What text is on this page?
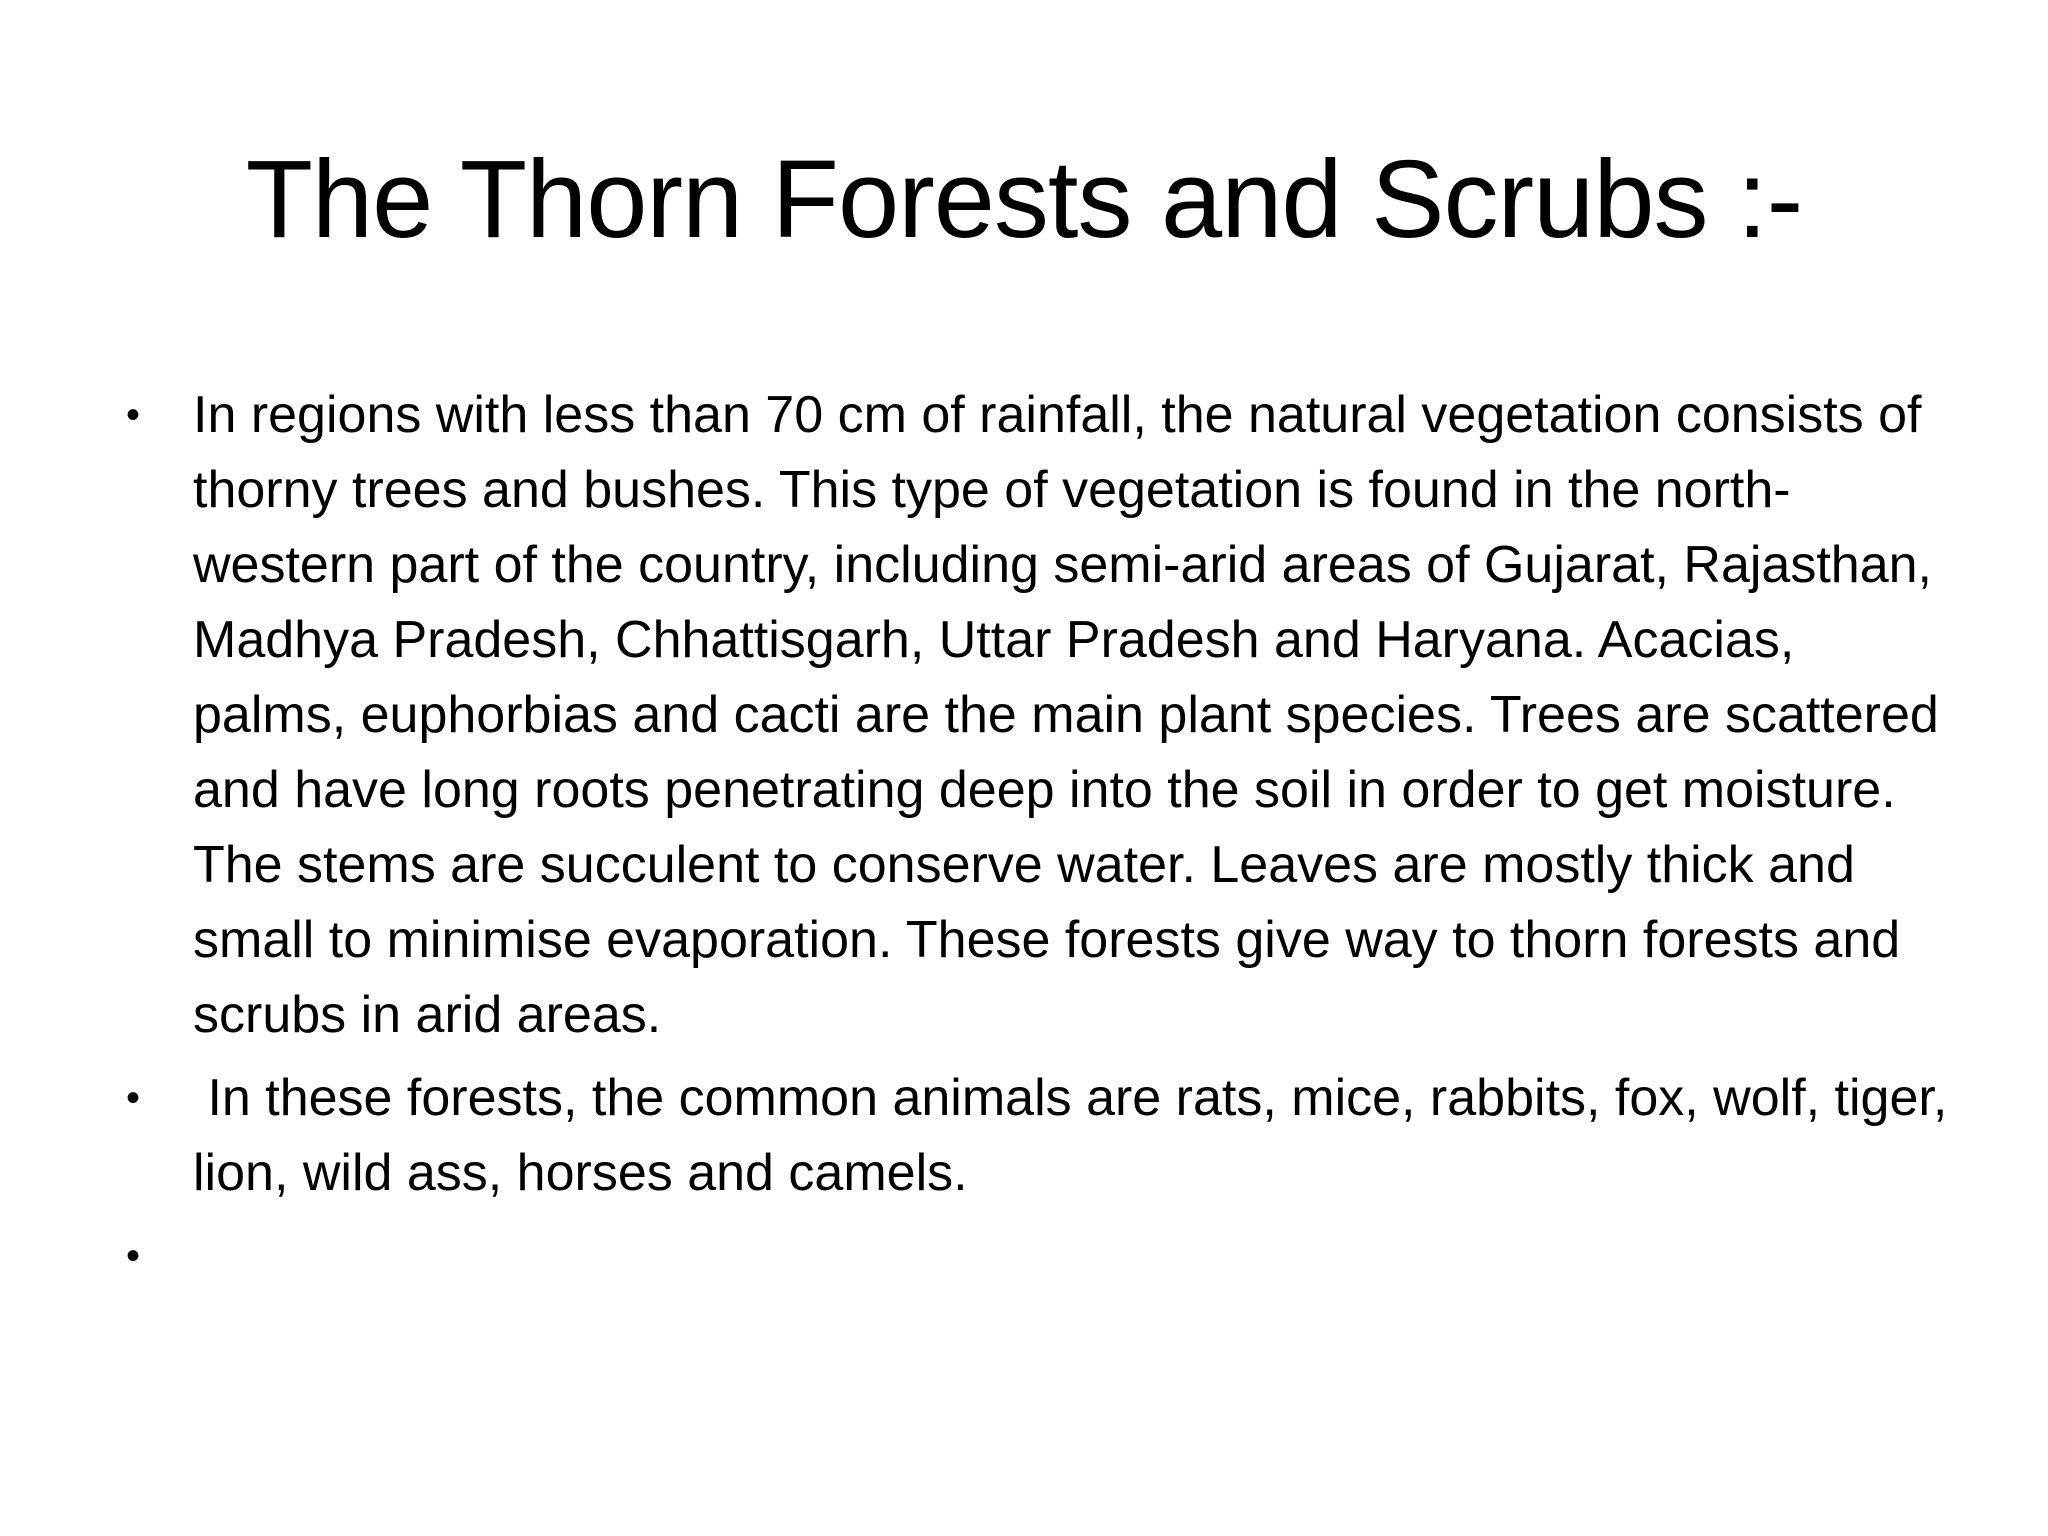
The Thorn Forests and Scrubs :-
• In regions with less than 70 cm of rainfall, the natural vegetation consists of thorny trees and bushes. This type of vegetation is found in the north-western part of the country, including semi-arid areas of Gujarat, Rajasthan, Madhya Pradesh, Chhattisgarh, Uttar Pradesh and Haryana. Acacias, palms, euphorbias and cacti are the main plant species. Trees are scattered and have long roots penetrating deep into the soil in order to get moisture. The stems are succulent to conserve water. Leaves are mostly thick and small to minimise evaporation. These forests give way to thorn forests and scrubs in arid areas.
• In these forests, the common animals are rats, mice, rabbits, fox, wolf, tiger, lion, wild ass, horses and camels.
•
